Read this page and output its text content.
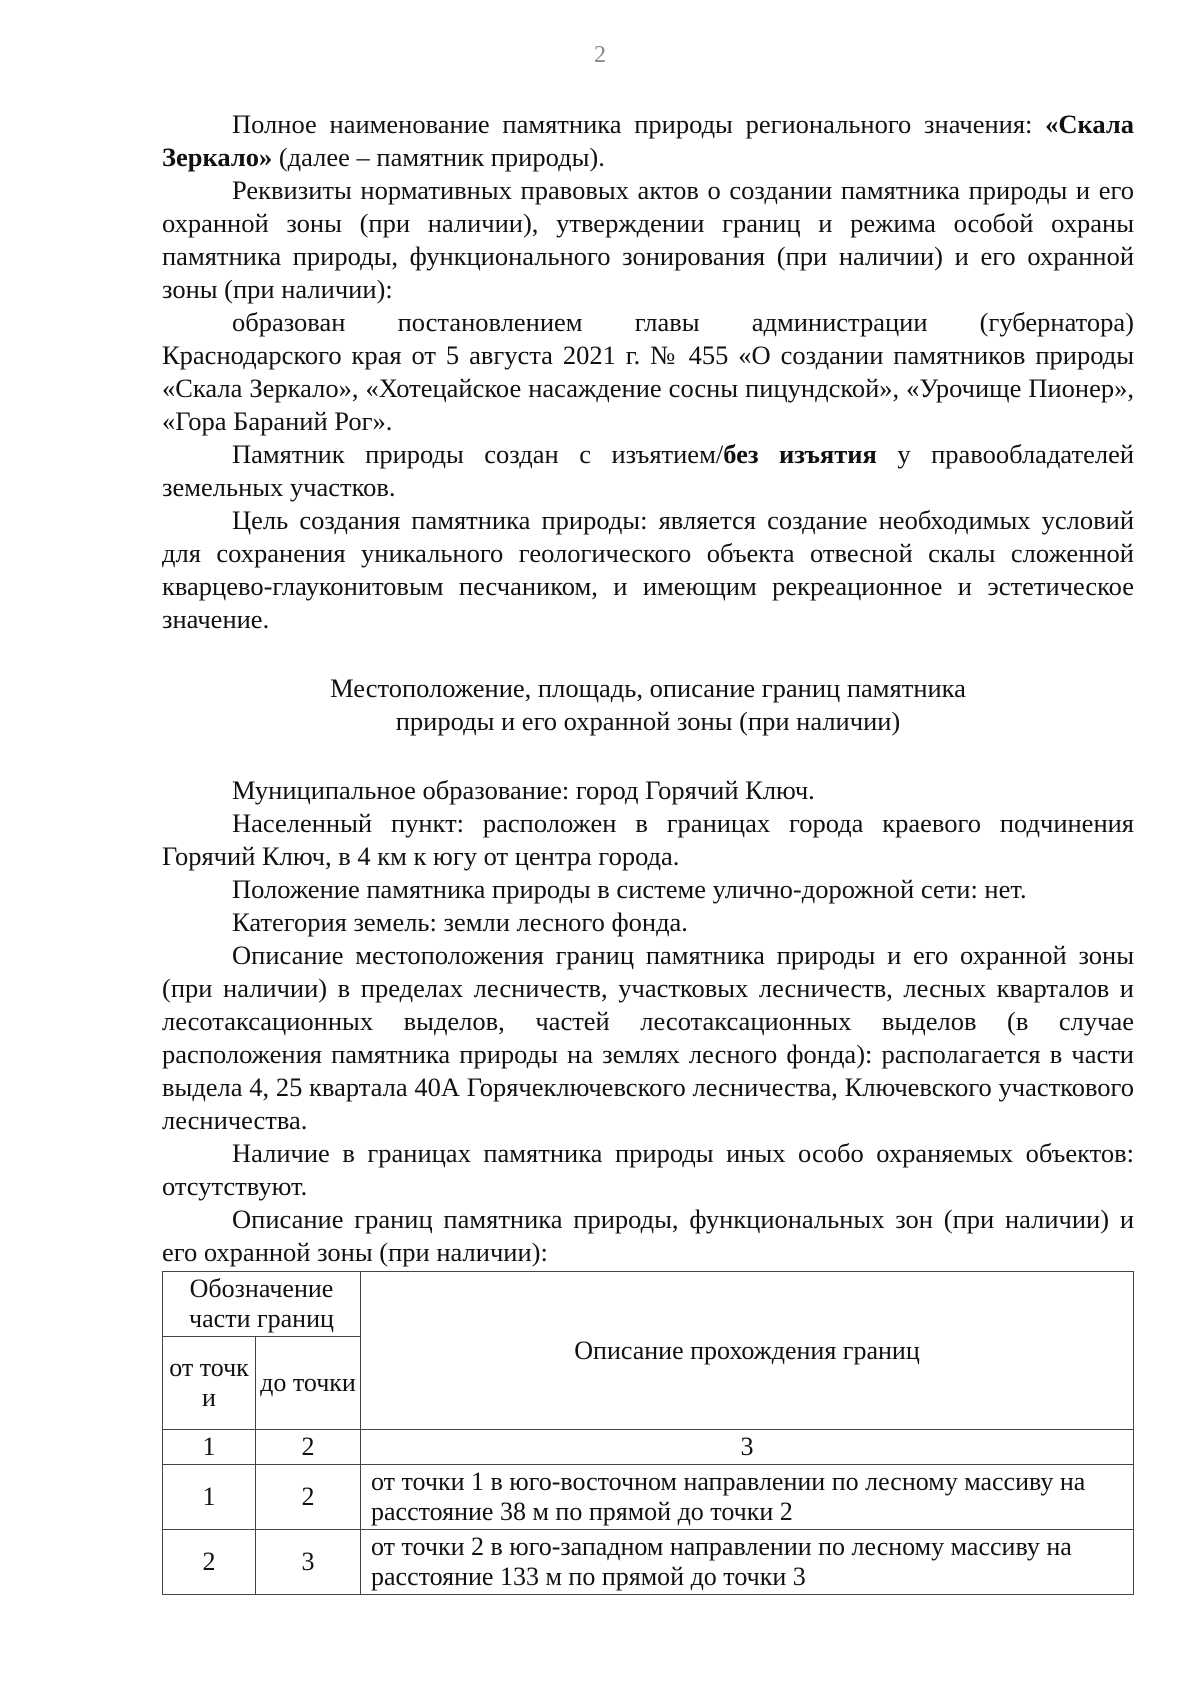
2

Полное наименование памятника природы регионального значения: «Скала Зеркало» (далее – памятник природы).

Реквизиты нормативных правовых актов о создании памятника природы и его охранной зоны (при наличии), утверждении границ и режима особой охраны памятника природы, функционального зонирования (при наличии) и его охранной зоны (при наличии):

образован постановлением главы администрации (губернатора) Краснодарского края от 5 августа 2021 г. № 455 «О создании памятников природы «Скала Зеркало», «Хотецайское насаждение сосны пицундской», «Урочище Пионер», «Гора Бараний Рог».

Памятник природы создан с изъятием/без изъятия у правообладателей земельных участков.

Цель создания памятника природы: является создание необходимых условий для сохранения уникального геологического объекта отвесной скалы сложенной кварцево-глауконитовым песчаником, и имеющим рекреационное и эстетическое значение.

Местоположение, площадь, описание границ памятника
природы и его охранной зоны (при наличии)

Муниципальное образование: город Горячий Ключ.

Населенный пункт: расположен в границах города краевого подчинения Горячий Ключ, в 4 км к югу от центра города.

Положение памятника природы в системе улично-дорожной сети: нет.

Категория земель: земли лесного фонда.

Описание местоположения границ памятника природы и его охранной зоны (при наличии) в пределах лесничеств, участковых лесничеств, лесных кварталов и лесотаксационных выделов, частей лесотаксационных выделов (в случае расположения памятника природы на землях лесного фонда): располагается в части выдела 4, 25 квартала 40А Горячеключевского лесничества, Ключевского участкового лесничества.

Наличие в границах памятника природы иных особо охраняемых объектов: отсутствуют.

Описание границ памятника природы, функциональных зон (при наличии) и его охранной зоны (при наличии):

Обозначение части границ		Описание прохождения границ
от точки	до точки	
1	2	3
1	2	от точки 1 в юго-восточном направлении по лесному массиву на расстояние 38 м по прямой до точки 2
2	3	от точки 2 в юго-западном направлении по лесному массиву на расстояние 133 м по прямой до точки 3
